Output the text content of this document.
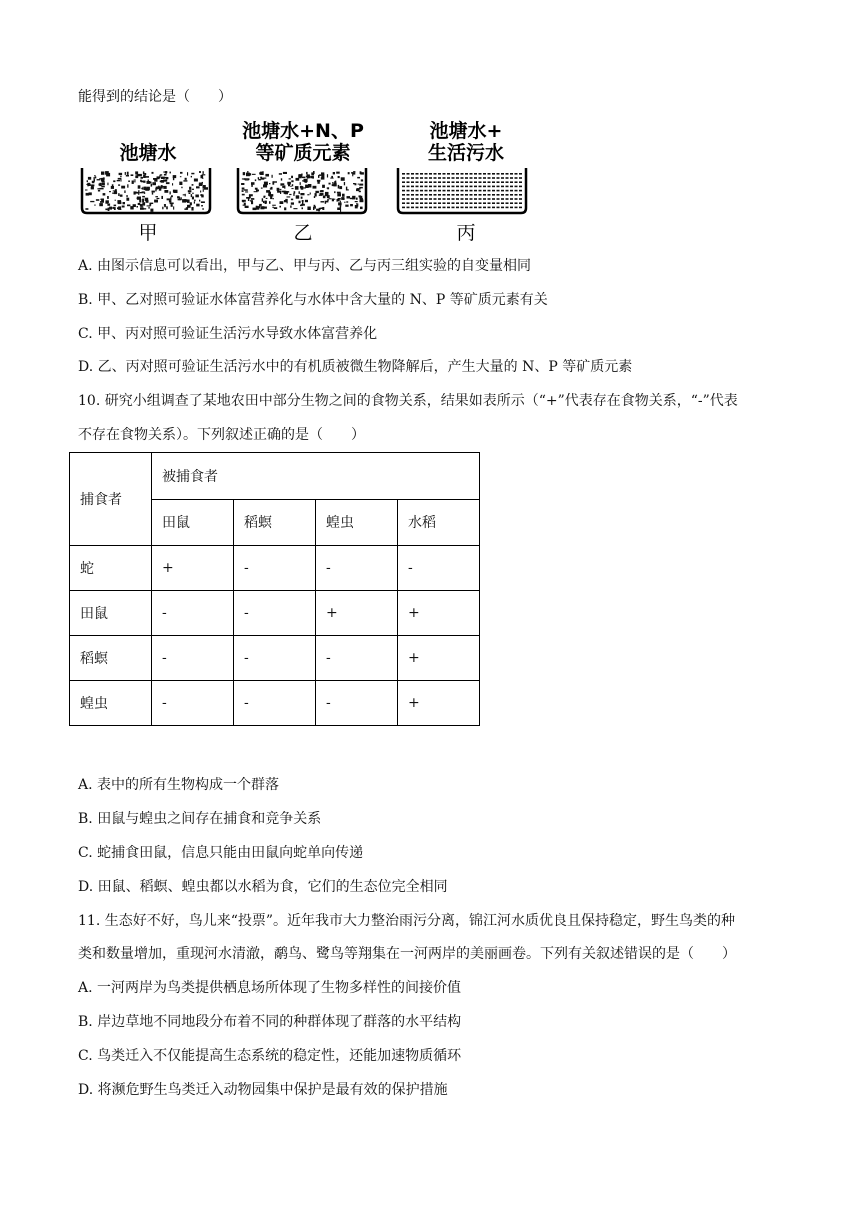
能得到的结论是（　　）
池塘水
甲
池塘水+N、P
等矿质元素
乙
池塘水+
生活污水
丙
A. 由图示信息可以看出，甲与乙、甲与丙、乙与丙三组实验的自变量相同
B. 甲、乙对照可验证水体富营养化与水体中含大量的 N、P 等矿质元素有关
C. 甲、丙对照可验证生活污水导致水体富营养化
D. 乙、丙对照可验证生活污水中的有机质被微生物降解后，产生大量的 N、P 等矿质元素
10. 研究小组调查了某地农田中部分生物之间的食物关系，结果如表所示（“+”代表存在食物关系，“-”代表
不存在食物关系）。下列叙述正确的是（　　）
捕食者	被捕食者			
	田鼠	稻螟	蝗虫	水稻
蛇	+	-	-	-
田鼠	-	-	+	+
稻螟	-	-	-	+
蝗虫	-	-	-	+
A. 表中的所有生物构成一个群落
B. 田鼠与蝗虫之间存在捕食和竞争关系
C. 蛇捕食田鼠，信息只能由田鼠向蛇单向传递
D. 田鼠、稻螟、蝗虫都以水稻为食，它们的生态位完全相同
11. 生态好不好，鸟儿来“投票”。近年我市大力整治雨污分离，锦江河水质优良且保持稳定，野生鸟类的种
类和数量增加，重现河水清澈，鹬鸟、鹭鸟等翔集在一河两岸的美丽画卷。下列有关叙述错误的是（　　）
A. 一河两岸为鸟类提供栖息场所体现了生物多样性的间接价值
B. 岸边草地不同地段分布着不同的种群体现了群落的水平结构
C. 鸟类迁入不仅能提高生态系统的稳定性，还能加速物质循环
D. 将濒危野生鸟类迁入动物园集中保护是最有效的保护措施
